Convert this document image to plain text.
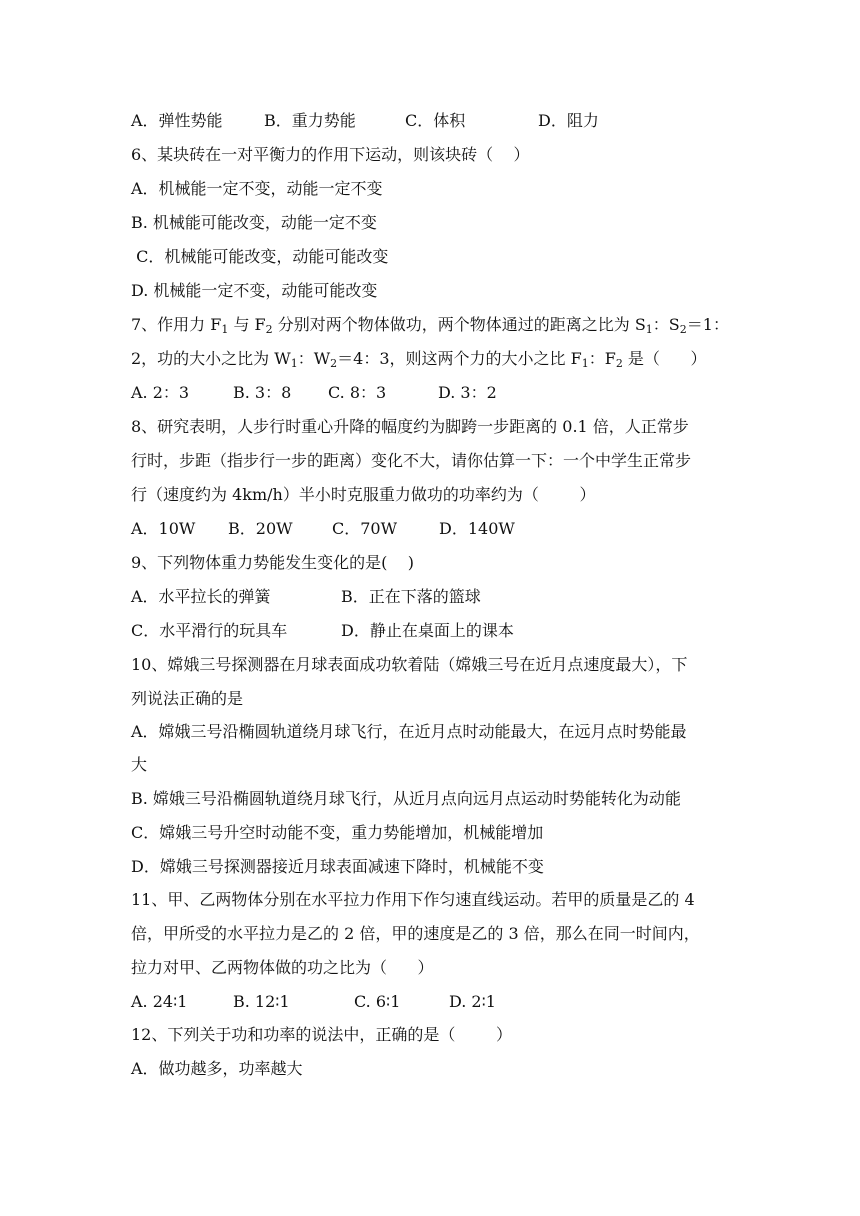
A．弹性势能

	B．重力势能

	C．体积

	D．阻力

6、某块砖在一对平衡力的作用下运动，则该块砖（    ）
A．机械能一定不变，动能一定不变
B. 机械能可能改变，动能一定不变
C．机械能可能改变，动能可能改变
D. 机械能一定不变，动能可能改变
7、作用力 $F_1$ 与 $F_2$ 分别对两个物体做功，两个物体通过的距离之比为 $S_1$：$S_2=1$：
2，功的大小之比为 $W_1$：$W_2=4$：3，则这两个力的大小之比 $F_1$：$F_2$ 是（      ）

A. 2：3

	B. 3：8

C. 8：3

	D. 3：2

8、研究表明，人步行时重心升降的幅度约为脚跨一步距离的 0.1 倍，人正常步
行时，步距（指步行一步的距离）变化不大，请你估算一下：一个中学生正常步
行（速度约为 4km/h）半小时克服重力做功的功率约为（        ）

A．10W

B．20W

C．70W

	D．140W

9、下列物体重力势能发生变化的是(    )

A．水平拉长的弹簧

	B．正在下落的篮球

C．水平滑行的玩具车

	D．静止在桌面上的课本

10、嫦娥三号探测器在月球表面成功软着陆（嫦娥三号在近月点速度最大），下
列说法正确的是
A．嫦娥三号沿椭圆轨道绕月球飞行，在近月点时动能最大，在远月点时势能最
大
B. 嫦娥三号沿椭圆轨道绕月球飞行，从近月点向远月点运动时势能转化为动能
C．嫦娥三号升空时动能不变，重力势能增加，机械能增加
D．嫦娥三号探测器接近月球表面减速下降时，机械能不变
11、甲、乙两物体分别在水平拉力作用下作匀速直线运动。若甲的质量是乙的 4
倍，甲所受的水平拉力是乙的 2 倍，甲的速度是乙的 3 倍，那么在同一时间内，
拉力对甲、乙两物体做的功之比为（      ）

A. 24∶1

	B. 12∶1

	C. 6∶1

	D. 2∶1

12、下列关于功和功率的说法中，正确的是（        ）
A．做功越多，功率越大
